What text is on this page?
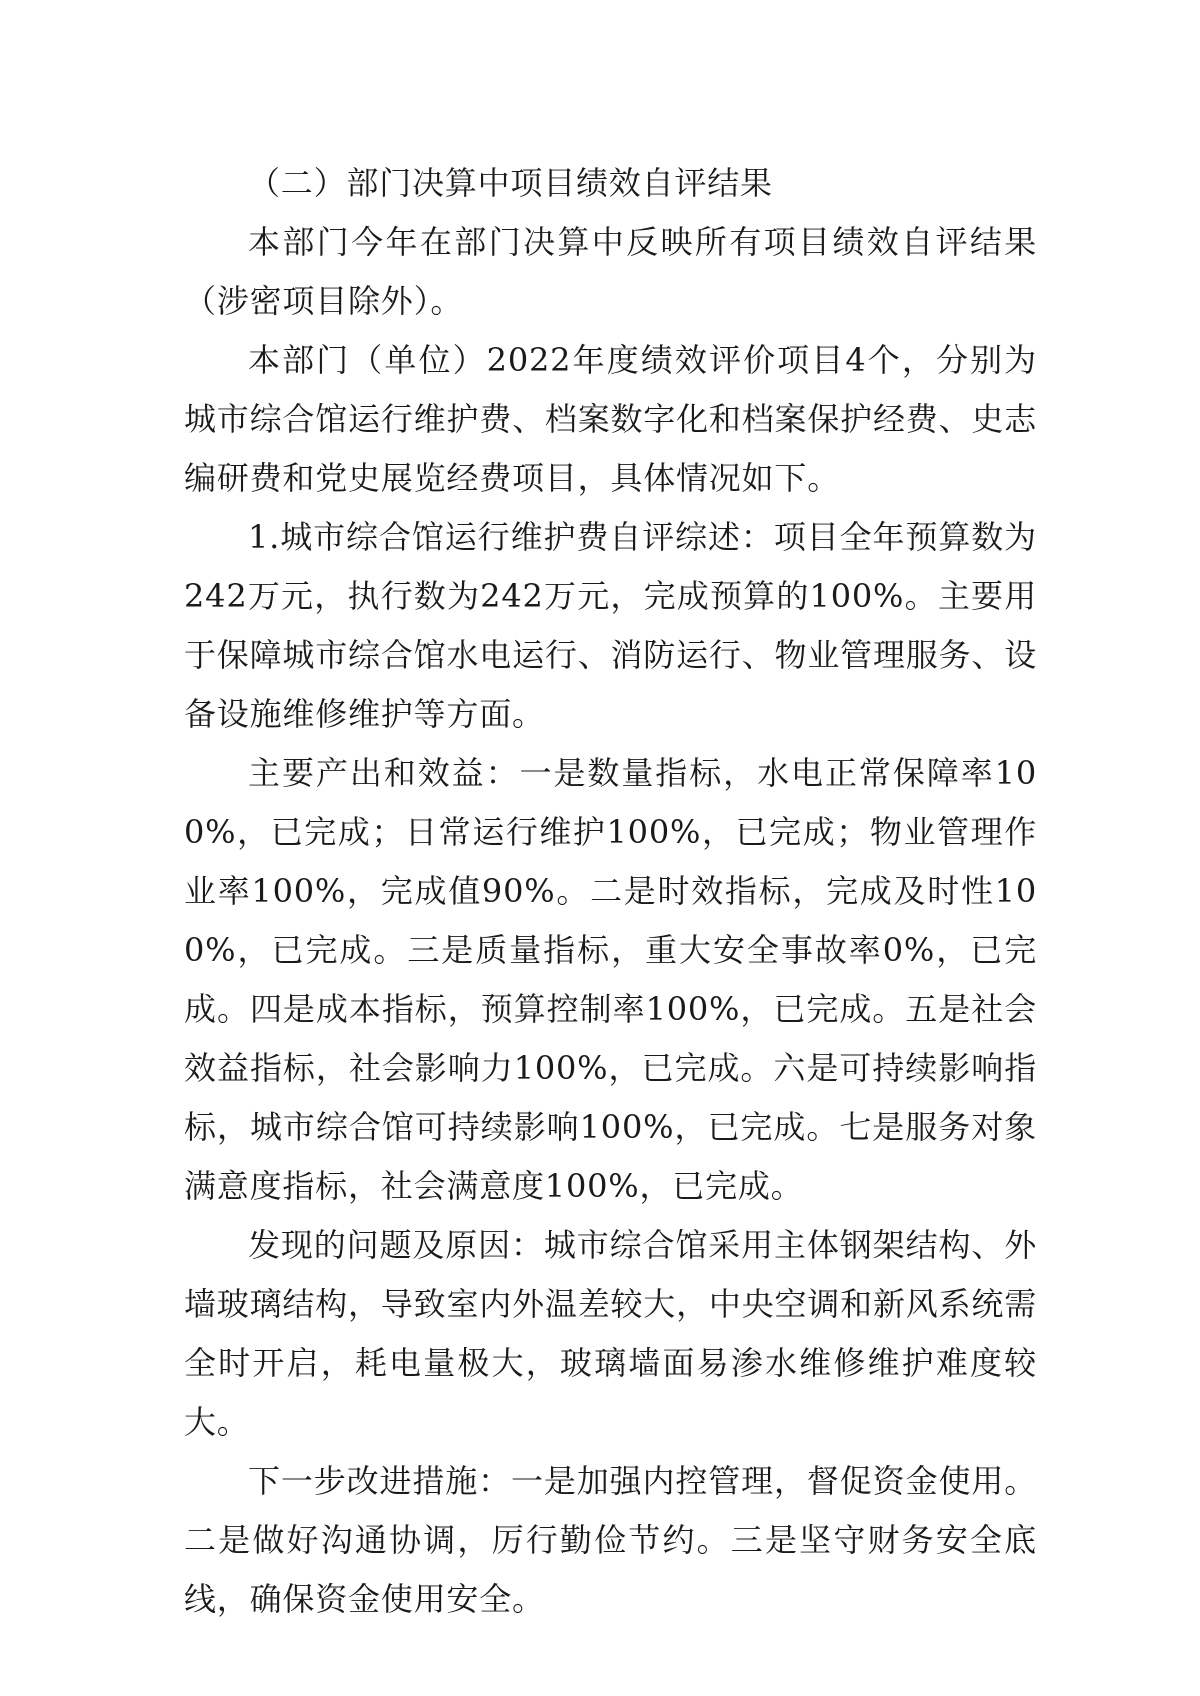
（二）部门决算中项目绩效自评结果

本部门今年在部门决算中反映所有项目绩效自评结果（涉密项目除外）。

本部门（单位）2022年度绩效评价项目4个，分别为城市综合馆运行维护费、档案数字化和档案保护经费、史志编研费和党史展览经费项目，具体情况如下。

1.城市综合馆运行维护费自评综述：项目全年预算数为242万元，执行数为242万元，完成预算的100%。主要用于保障城市综合馆水电运行、消防运行、物业管理服务、设备设施维修维护等方面。

主要产出和效益：一是数量指标，水电正常保障率100%，已完成；日常运行维护100%，已完成；物业管理作业率100%，完成值90%。二是时效指标，完成及时性100%，已完成。三是质量指标，重大安全事故率0%，已完成。四是成本指标，预算控制率100%，已完成。五是社会效益指标，社会影响力100%，已完成。六是可持续影响指标，城市综合馆可持续影响100%，已完成。七是服务对象满意度指标，社会满意度100%，已完成。

发现的问题及原因：城市综合馆采用主体钢架结构、外墙玻璃结构，导致室内外温差较大，中央空调和新风系统需全时开启，耗电量极大，玻璃墙面易渗水维修维护难度较大。

下一步改进措施：一是加强内控管理，督促资金使用。二是做好沟通协调，厉行勤俭节约。三是坚守财务安全底线，确保资金使用安全。
